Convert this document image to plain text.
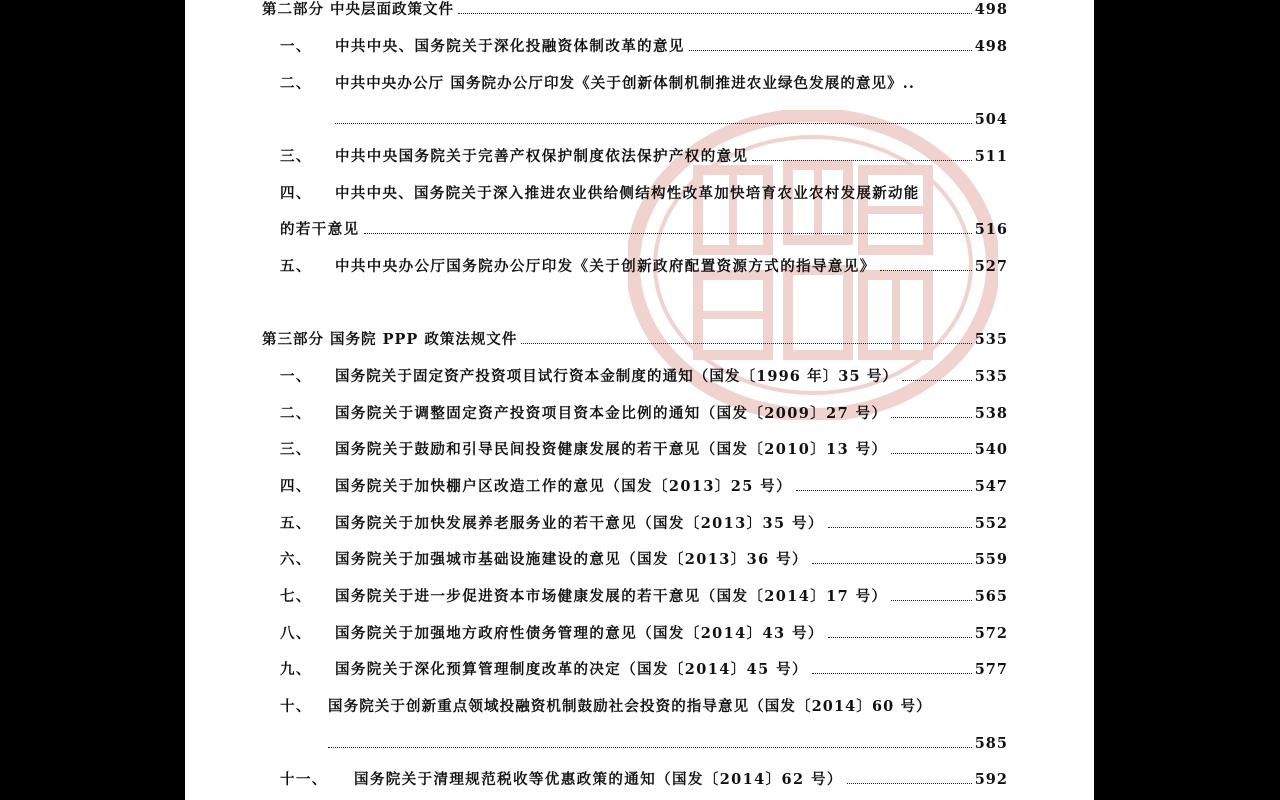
第二部分 中央层面政策文件	498
一、	中共中央、国务院关于深化投融资体制改革的意见	498
二、	中共中央办公厅 国务院办公厅印发《关于创新体制机制推进农业绿色发展的意见》..
504
三、	中共中央国务院关于完善产权保护制度依法保护产权的意见	511
四、	中共中央、国务院关于深入推进农业供给侧结构性改革加快培育农业农村发展新动能
的若干意见	516
五、	中共中央办公厅国务院办公厅印发《关于创新政府配置资源方式的指导意见》	527
第三部分 国务院 PPP 政策法规文件	535
一、	国务院关于固定资产投资项目试行资本金制度的通知（国发〔1996 年〕35 号）	535
二、	国务院关于调整固定资产投资项目资本金比例的通知（国发〔2009〕27 号）	538
三、	国务院关于鼓励和引导民间投资健康发展的若干意见（国发〔2010〕13 号）	540
四、	国务院关于加快棚户区改造工作的意见（国发〔2013〕25 号）	547
五、	国务院关于加快发展养老服务业的若干意见（国发〔2013〕35 号）	552
六、	国务院关于加强城市基础设施建设的意见（国发〔2013〕36 号）	559
七、	国务院关于进一步促进资本市场健康发展的若干意见（国发〔2014〕17 号）	565
八、	国务院关于加强地方政府性债务管理的意见（国发〔2014〕43 号）	572
九、	国务院关于深化预算管理制度改革的决定（国发〔2014〕45 号）	577
十、	国务院关于创新重点领域投融资机制鼓励社会投资的指导意见（国发〔2014〕60 号）
585
十一、	国务院关于清理规范税收等优惠政策的通知（国发〔2014〕62 号）	592
